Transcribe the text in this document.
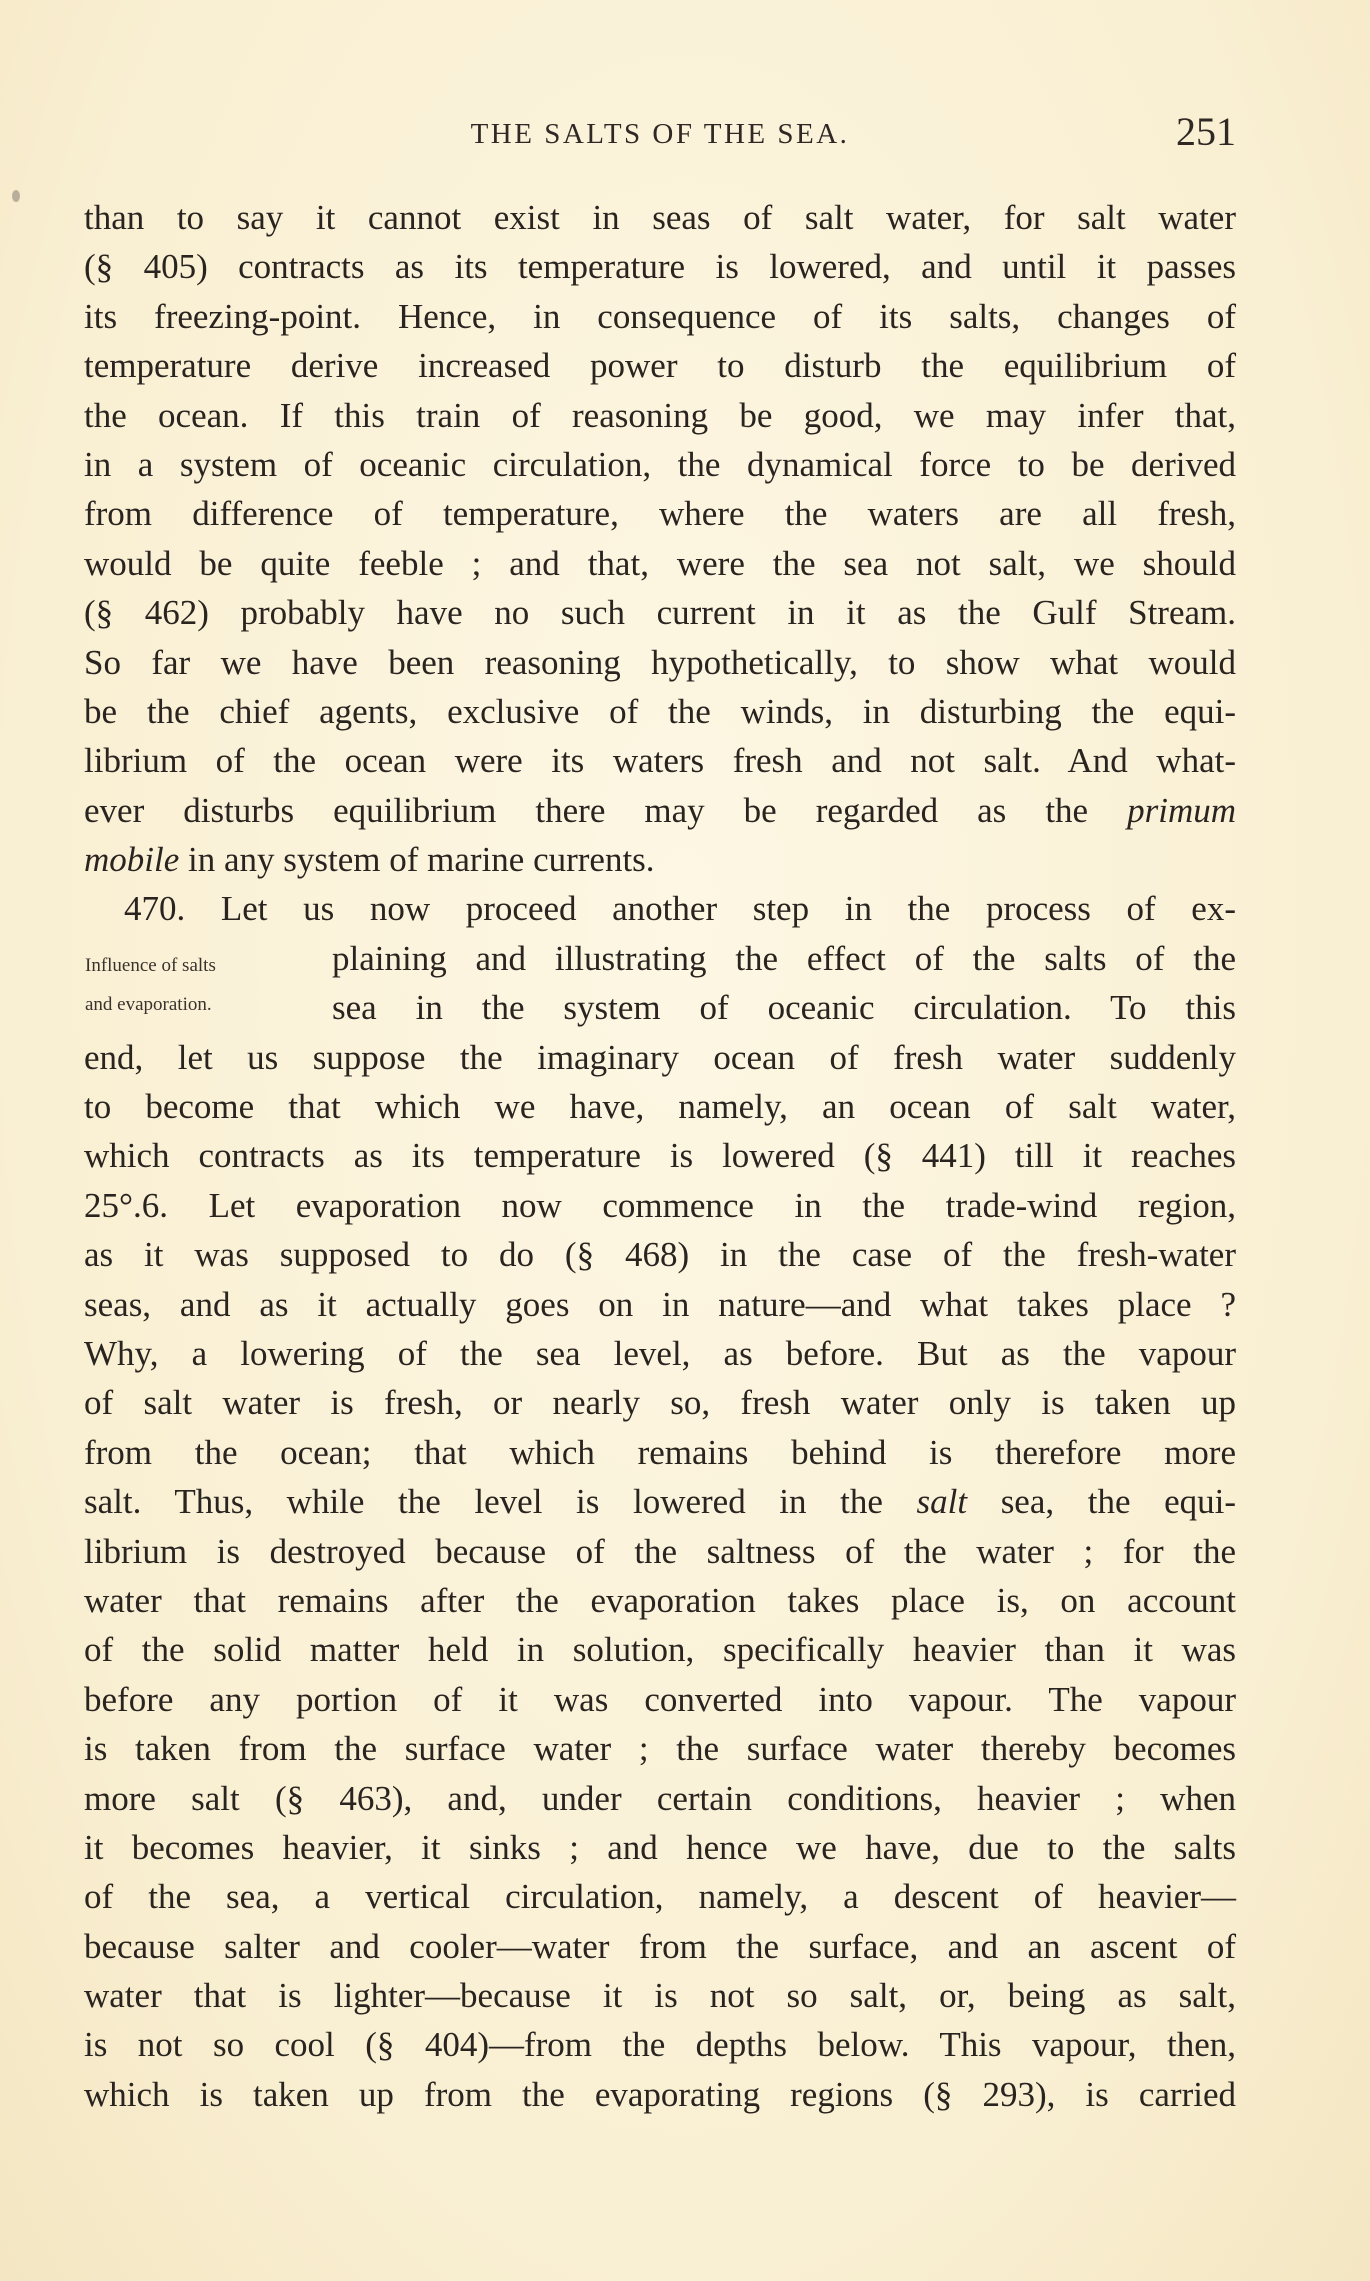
THE SALTS OF THE SEA.	251
Influence of salts
and evaporation.
than to say it cannot exist in seas of salt water, for salt water
(§ 405) contracts as its temperature is lowered, and until it passes
its freezing-point. Hence, in consequence of its salts, changes of
temperature derive increased power to disturb the equilibrium of
the ocean. If this train of reasoning be good, we may infer that,
in a system of oceanic circulation, the dynamical force to be derived
from difference of temperature, where the waters are all fresh,
would be quite feeble ; and that, were the sea not salt, we should
(§ 462) probably have no such current in it as the Gulf Stream.
So far we have been reasoning hypothetically, to show what would
be the chief agents, exclusive of the winds, in disturbing the equi-
librium of the ocean were its waters fresh and not salt. And what-
ever disturbs equilibrium there may be regarded as the primum
mobile in any system of marine currents.
470. Let us now proceed another step in the process of ex-
plaining and illustrating the effect of the salts of the
sea in the system of oceanic circulation. To this
end, let us suppose the imaginary ocean of fresh water suddenly
to become that which we have, namely, an ocean of salt water,
which contracts as its temperature is lowered (§ 441) till it reaches
25°.6. Let evaporation now commence in the trade-wind region,
as it was supposed to do (§ 468) in the case of the fresh-water
seas, and as it actually goes on in nature—and what takes place ?
Why, a lowering of the sea level, as before. But as the vapour
of salt water is fresh, or nearly so, fresh water only is taken up
from the ocean; that which remains behind is therefore more
salt. Thus, while the level is lowered in the salt sea, the equi-
librium is destroyed because of the saltness of the water ; for the
water that remains after the evaporation takes place is, on account
of the solid matter held in solution, specifically heavier than it was
before any portion of it was converted into vapour. The vapour
is taken from the surface water ; the surface water thereby becomes
more salt (§ 463), and, under certain conditions, heavier ; when
it becomes heavier, it sinks ; and hence we have, due to the salts
of the sea, a vertical circulation, namely, a descent of heavier—
because salter and cooler—water from the surface, and an ascent of
water that is lighter—because it is not so salt, or, being as salt,
is not so cool (§ 404)—from the depths below. This vapour, then,
which is taken up from the evaporating regions (§ 293), is carried
